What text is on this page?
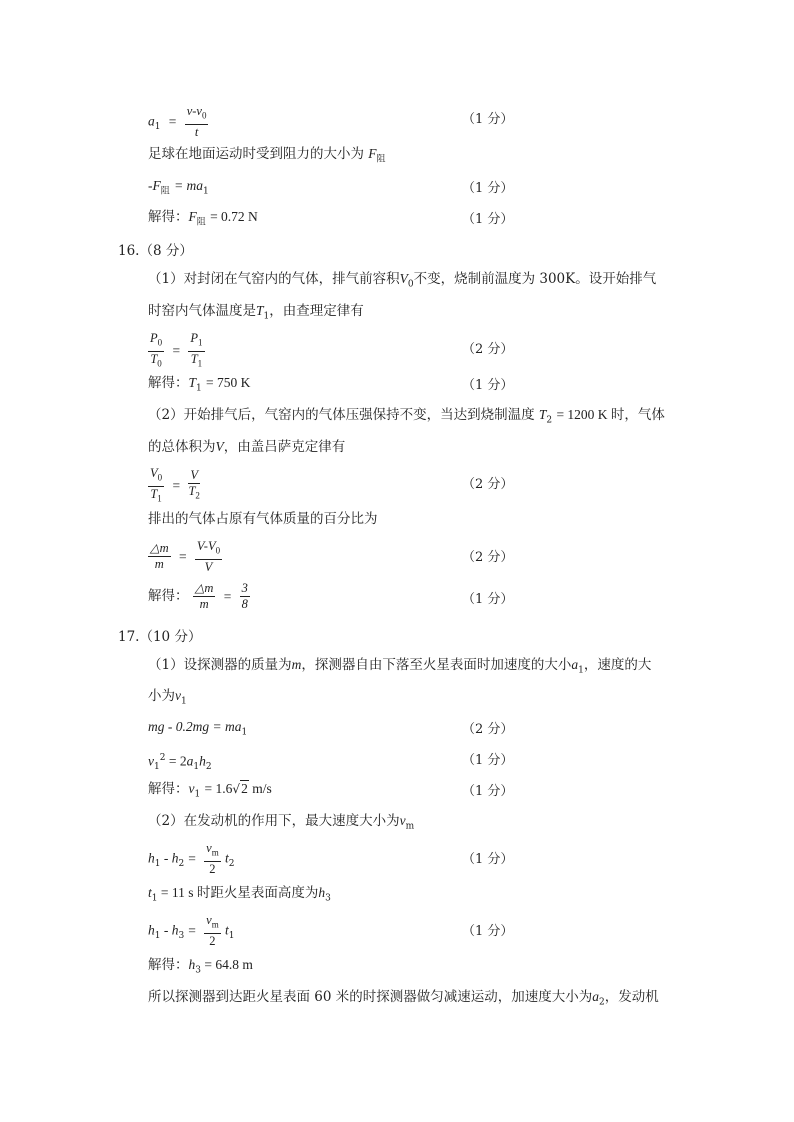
$a_1 = \frac{v-v_0}{t}$	（1 分）
足球在地面运动时受到阻力的大小为 $F_阻$
$-F_阻 = ma_1$	（1 分）
解得：$F_阻 = 0.72$ N	（1 分）
16.（8 分）
（1）对封闭在气窑内的气体，排气前容积$V_0$不变，烧制前温度为 300K。设开始排气
时窑内气体温度是$T_1$，由查理定律有
$\frac{P_0}{T_0} = \frac{P_1}{T_1}$	（2 分）
解得：$T_1 = 750$ K	（1 分）
（2）开始排气后，气窑内的气体压强保持不变，当达到烧制温度 $T_2 = 1200$ K 时，气体
的总体积为V，由盖吕萨克定律有
$\frac{V_0}{T_1} = \frac{V}{T_2}$	（2 分）
排出的气体占原有气体质量的百分比为
$\frac{\triangle m}{m} = \frac{V-V_0}{V}$	（2 分）
解得： $\frac{\triangle m}{m} = \frac{3}{8}$	（1 分）
17.（10 分）
（1）设探测器的质量为m，探测器自由下落至火星表面时加速度的大小$a_1$，速度的大
小为$v_1$
mg - $0.2mg = ma_1$	（2 分）
$v_1^2 = 2a_1h_2$	（1 分）
解得：$v_1 = 1.6√2$ m/s	（1 分）
（2）在发动机的作用下，最大速度大小为$v_m$
$h_1 - h_2 = \frac{v_m}{2} t_2$	（1 分）
$t_1 = 11$ s 时距火星表面高度为$h_3$
$h_1 - h_3 = \frac{v_m}{2} t_1$	（1 分）
解得：$h_3 = 64.8$ m
所以探测器到达距火星表面 60 米的时探测器做匀减速运动，加速度大小为$a_2$，发动机
